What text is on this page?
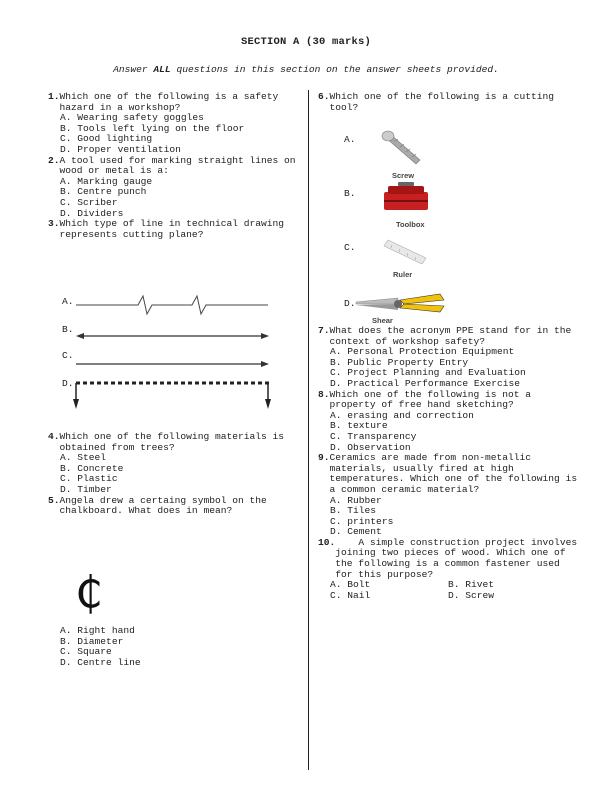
SECTION A (30 marks)
Answer ALL questions in this section on the answer sheets provided.
1. Which one of the following is a safety hazard in a workshop?
A. Wearing safety goggles
B. Tools left lying on the floor
C. Good lighting
D. Proper ventilation
2. A tool used for marking straight lines on wood or metal is a:
A. Marking gauge
B. Centre punch
C. Scriber
D. Dividers
3. Which type of line in technical drawing represents cutting plane?
A.
B.
C.
D.
4. Which one of the following materials is obtained from trees?
A. Steel
B. Concrete
C. Plastic
D. Timber
5. Angela drew a certaing symbol on the chalkboard. What does in mean?
₵
A. Right hand
B. Diameter
C. Square
D. Centre line
6. Which one of the following is a cutting tool?
A.
B.
C.
D.
Screw
Toolbox
Ruler
Shear
7. What does the acronym PPE stand for in the context of workshop safety?
A. Personal Protection Equipment
B. Public Property Entry
C. Project Planning and Evaluation
D. Practical Performance Exercise
8. Which one of the following is not a property of free hand sketching?
A. erasing and correction
B. texture
C. Transparency
D. Observation
9. Ceramics are made from non-metallic materials, usually fired at high temperatures. Which one of the following is a common ceramic material?
A. Rubber
B. Tiles
C. printers
D. Cement
10. A simple construction project involves joining two pieces of wood. Which one of the following is a common fastener used for this purpose?
A. Bolt	B. Rivet
C. Nail	D. Screw
